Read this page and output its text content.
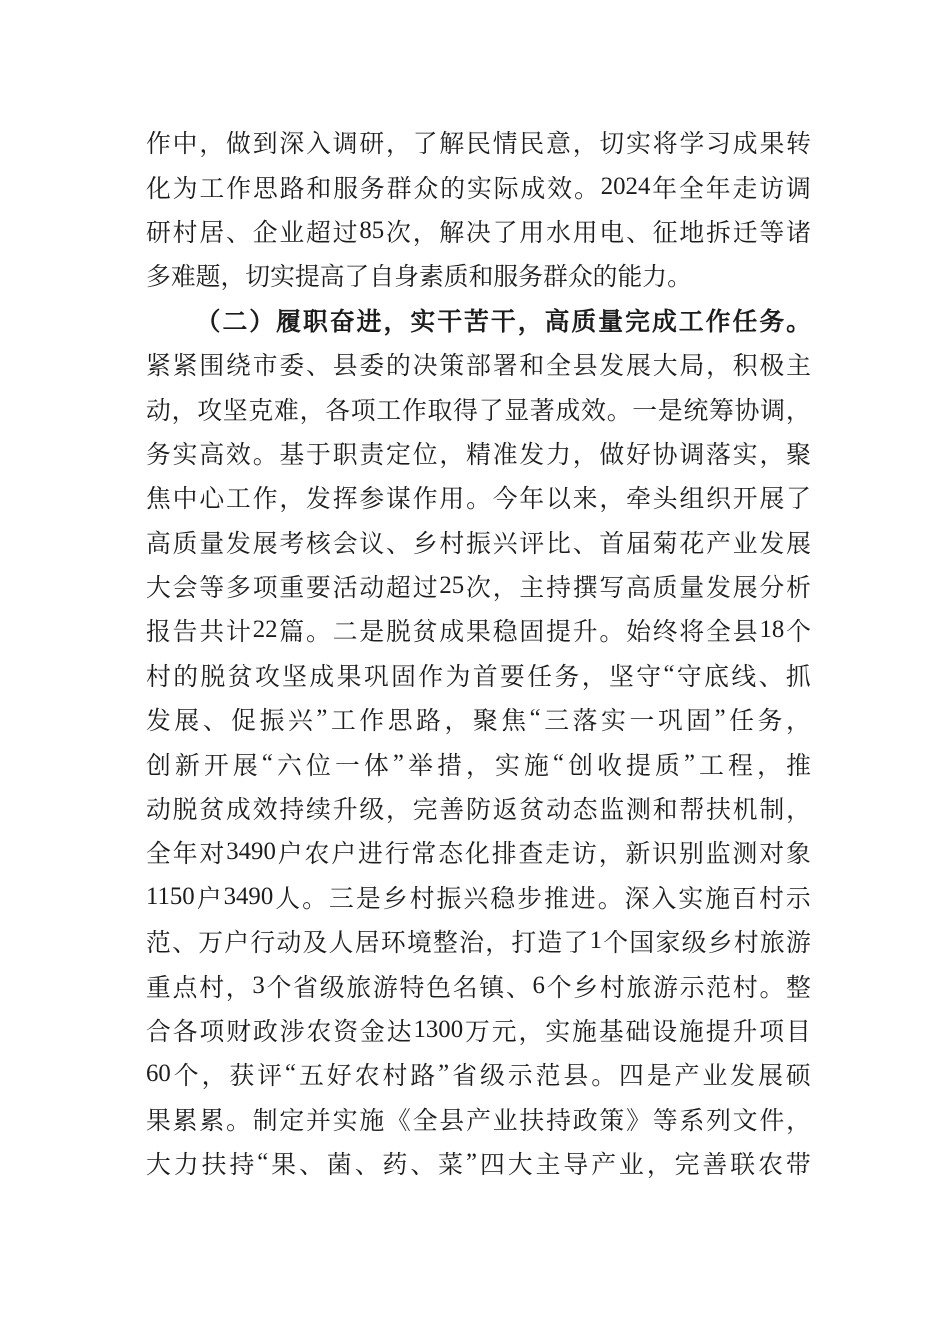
作 中 ， 做 到 深 入 调 研 ， 了 解 民 情 民 意 ， 切 实 将 学 习 成 果 转
化 为 工 作 思 路 和 服 务 群 众 的 实 际 成 效 。 2024 年 全 年 走 访 调
研 村 居 、 企 业 超 过 85 次 ， 解 决 了 用 水 用 电 、 征 地 拆 迁 等 诸
多 难 题 ， 切 实 提 高 了 自 身 素 质 和 服 务 群 众 的 能 力 。
（ 二 ） 履 职 奋 进 ， 实 干 苦 干 ， 高 质 量 完 成 工 作 任 务 。
紧 紧 围 绕 市 委 、 县 委 的 决 策 部 署 和 全 县 发 展 大 局 ， 积 极 主
动 ， 攻 坚 克 难 ， 各 项 工 作 取 得 了 显 著 成 效 。 一 是 统 筹 协 调 ，
务 实 高 效 。 基 于 职 责 定 位 ， 精 准 发 力 ， 做 好 协 调 落 实 ， 聚
焦 中 心 工 作 ， 发 挥 参 谋 作 用 。 今 年 以 来 ， 牵 头 组 织 开 展 了
高 质 量 发 展 考 核 会 议 、 乡 村 振 兴 评 比 、 首 届 菊 花 产 业 发 展
大 会 等 多 项 重 要 活 动 超 过 25 次 ， 主 持 撰 写 高 质 量 发 展 分 析
报 告 共 计 22 篇 。 二 是 脱 贫 成 果 稳 固 提 升 。 始 终 将 全 县 18 个
村 的 脱 贫 攻 坚 成 果 巩 固 作 为 首 要 任 务 ， 坚 守 “ 守 底 线 、 抓
发 展 、 促 振 兴 ” 工 作 思 路 ， 聚 焦 “ 三 落 实 一 巩 固 ” 任 务 ，
创 新 开 展 “ 六 位 一 体 ” 举 措 ， 实 施 “ 创 收 提 质 ” 工 程 ， 推
动 脱 贫 成 效 持 续 升 级 ， 完 善 防 返 贫 动 态 监 测 和 帮 扶 机 制 ，
全 年 对 3490 户 农 户 进 行 常 态 化 排 查 走 访 ， 新 识 别 监 测 对 象
1150 户 3490 人 。 三 是 乡 村 振 兴 稳 步 推 进 。 深 入 实 施 百 村 示
范 、 万 户 行 动 及 人 居 环 境 整 治 ， 打 造 了 1 个 国 家 级 乡 村 旅 游
重 点 村 ， 3 个 省 级 旅 游 特 色 名 镇 、 6 个 乡 村 旅 游 示 范 村 。 整
合 各 项 财 政 涉 农 资 金 达 1300 万 元 ， 实 施 基 础 设 施 提 升 项 目
60 个 ， 获 评 “ 五 好 农 村 路 ” 省 级 示 范 县 。 四 是 产 业 发 展 硕
果 累 累 。 制 定 并 实 施 《 全 县 产 业 扶 持 政 策 》 等 系 列 文 件 ，
大 力 扶 持 “ 果 、 菌 、 药 、 菜 ” 四 大 主 导 产 业 ， 完 善 联 农 带
